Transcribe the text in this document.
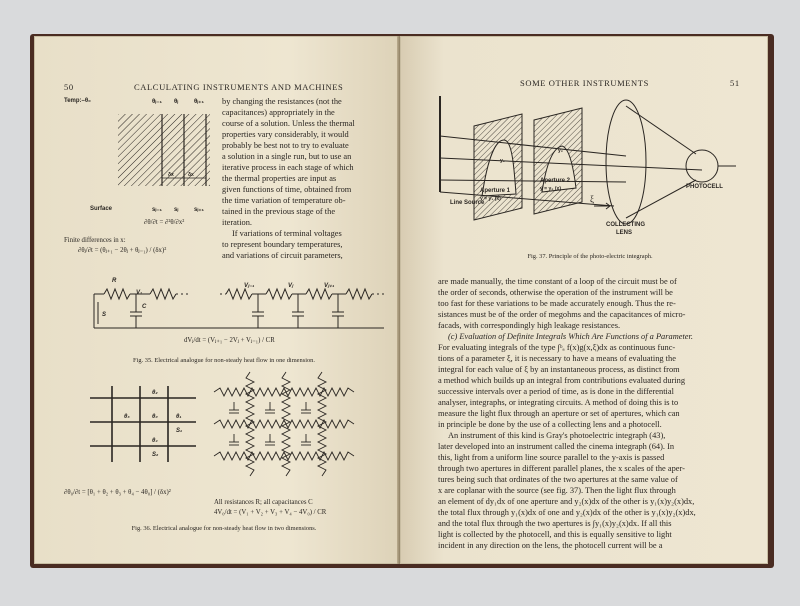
50	CALCULATING INSTRUMENTS AND MACHINES
Temp:–θ₀	θⱼ₋₁ θⱼ	θⱼ₊₁
δx	δx
Surface	sⱼ₋₁ sⱼ	sⱼ₊₁
∂θ/∂t = ∂²θ/∂x²
Finite differences in x:
∂θⱼ/∂t = (θⱼ₊₁ − 2θⱼ + θⱼ₋₁) / (δx)²

by changing the resistances (not the

capacitances) appropriately in the

course of a solution. Unless the thermal

properties vary considerably, it would

probably be best not to try to evaluate

a solution in a single run, but to use an

iterative process in each stage of which

the thermal properties are input as

given functions of time, obtained from

the time variation of temperature ob-

tained in the previous stage of the

iteration.

If variations of terminal voltages

to represent boundary temperatures,

and variations of circuit parameters,

R
V₁
C
S
Vⱼ₋₁	Vⱼ	Vⱼ₊₁
dVⱼ/dt = (Vⱼ₊₁ − 2Vⱼ + Vⱼ₋₁) / CR
Fig. 35. Electrical analogue for non-steady heat flow in one dimension.
θ₂
θ₃	θ₀	θ₁
θ₄
S₁
S₂
∂θ₀/∂t = [θ₁ + θ₂ + θ₃ + θ₄ − 4θ₀] / (δx)²
All resistances R; all capacitances C
4V₀/dt = (V₁ + V₂ + V₃ + V₄ − 4V₀) / CR
Fig. 36. Electrical analogue for non-steady heat flow in two dimensions.
SOME OTHER INSTRUMENTS	51
Line Source
Aperture 1
y = y₁ (x)
Aperture 2
y = y₂ (x)
ξ
COLLECTING
LENS
PHOTOCELL
y₁
y₂
Fig. 37. Principle of the photo-electric integraph.

are made manually, the time constant of a loop of the circuit must be of

the order of seconds, otherwise the operation of the instrument will be

too fast for these variations to be made accurately enough. Thus the re-

sistances must be of the order of megohms and the capacitances of micro-

facads, with correspondingly high leakage resistances.

(c) Evaluation of Definite Integrals Which Are Functions of a Parameter.

For evaluating integrals of the type ∫ᵇₐ f(x)g(x,ξ)dx as continuous func-

tions of a parameter ξ, it is necessary to have a means of evaluating the

integral for each value of ξ by an instantaneous process, as distinct from

a method which builds up an integral from contributions evaluated during

successive intervals over a period of time, as is done in the differential

analyser, integraphs, or integrating circuits. A method of doing this is to

measure the light flux through an aperture or set of apertures, which can

in principle be done by the use of a collecting lens and a photocell.

An instrument of this kind is Gray's photoelectric integraph (43),

later developed into an instrument called the cinema integraph (64). In

this, light from a uniform line source parallel to the y-axis is passed

through two apertures in different parallel planes, the x scales of the aper-

tures being such that ordinates of the two apertures at the same value of

x are coplanar with the source (see fig. 37). Then the light flux through

an element of dy₁dx of one aperture and y₂(x)dx of the other is y₁(x)y₂(x)dx,

the total flux through y₁(x)dx of one and y₂(x)dx of the other is y₁(x)y₂(x)dx,

and the total flux through the two apertures is ∫y₁(x)y₂(x)dx. If all this

light is collected by the photocell, and this is equally sensitive to light

incident in any direction on the lens, the photocell current will be a
